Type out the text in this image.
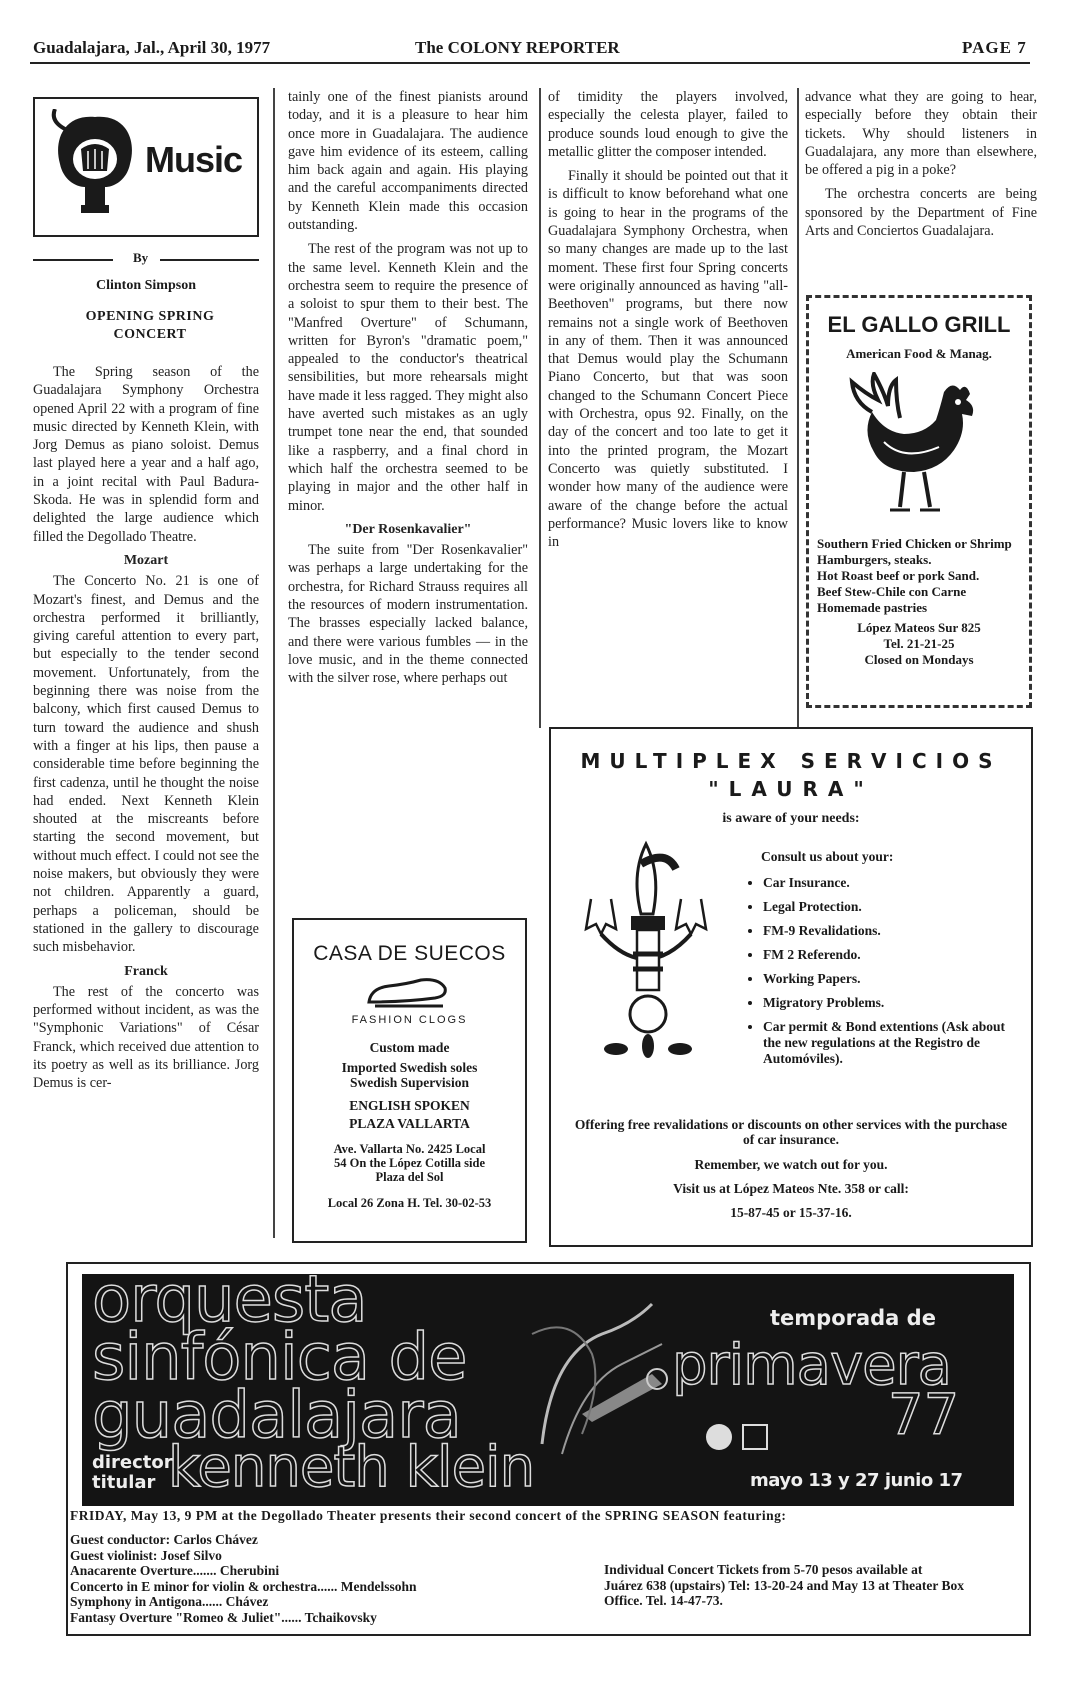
Guadalajara, Jal., April 30, 1977	The COLONY REPORTER	PAGE 7
Music
By
Clinton Simpson
OPENING SPRING CONCERT

The Spring season of the Guadalajara Symphony Orchestra opened April 22 with a program of fine music directed by Kenneth Klein, with Jorg Demus as piano soloist. Demus last played here a year and a half ago, in a joint recital with Paul Badura-Skoda. He was in splendid form and delighted the large audience which filled the Degollado Theatre.

Mozart

The Concerto No. 21 is one of Mozart's finest, and Demus and the orchestra performed it brilliantly, giving careful attention to every part, but especially to the tender second movement. Unfortunately, from the beginning there was noise from the balcony, which first caused Demus to turn toward the audience and shush with a finger at his lips, then pause a considerable time before beginning the first cadenza, until he thought the noise had ended. Next Kenneth Klein shouted at the miscreants before starting the second movement, but without much effect. I could not see the noise makers, but obviously they were not children. Apparently a guard, perhaps a policeman, should be stationed in the gallery to discourage such misbehavior.

Franck

The rest of the concerto was performed without incident, as was the "Symphonic Variations" of César Franck, which received due attention to its poetry as well as its brilliance. Jorg Demus is cer-

tainly one of the finest pianists around today, and it is a pleasure to hear him once more in Guadalajara. The audience gave him evidence of its esteem, calling him back again and again. His playing and the careful accompaniments directed by Kenneth Klein made this occasion outstanding.

The rest of the program was not up to the same level. Kenneth Klein and the orchestra seem to require the presence of a soloist to spur them to their best. The "Manfred Overture" of Schumann, written for Byron's "dramatic poem," appealed to the conductor's theatrical sensibilities, but more rehearsals might have made it less ragged. They might also have averted such mistakes as an ugly trumpet tone near the end, that sounded like a raspberry, and a final chord in which half the orchestra seemed to be playing in major and the other half in minor.

"Der Rosenkavalier"

The suite from "Der Rosenkavalier" was perhaps a large undertaking for the orchestra, for Richard Strauss requires all the resources of modern instrumentation. The brasses especially lacked balance, and there were various fumbles — in the love music, and in the theme connected with the silver rose, where perhaps out

of timidity the players involved, especially the celesta player, failed to produce sounds loud enough to give the metallic glitter the composer intended.

Finally it should be pointed out that it is difficult to know beforehand what one is going to hear in the programs of the Guadalajara Symphony Orchestra, when so many changes are made up to the last moment. These first four Spring concerts were originally announced as having "all-Beethoven" programs, but there now remains not a single work of Beethoven in any of them. Then it was announced that Demus would play the Schumann Piano Concerto, but that was soon changed to the Schumann Concert Piece with Orchestra, opus 92. Finally, on the day of the concert and too late to get it into the printed program, the Mozart Concerto was quietly substituted. I wonder how many of the audience were aware of the change before the actual performance? Music lovers like to know in

advance what they are going to hear, especially before they obtain their tickets. Why should listeners in Guadalajara, any more than elsewhere, be offered a pig in a poke?

The orchestra concerts are being sponsored by the Department of Fine Arts and Conciertos Guadalajara.

EL GALLO GRILL
American Food & Manag.
Southern Fried Chicken or Shrimp
Hamburgers, steaks.
Hot Roast beef or pork Sand.
Beef Stew-Chile con Carne
Homemade pastries
López Mateos Sur 825
Tel. 21-21-25
Closed on Mondays
MULTIPLEX SERVICIOS
"LAURA"
is aware of your needs:
Consult us about your:
• Car Insurance.
• Legal Protection.
• FM-9 Revalidations.
• FM 2 Referendo.
• Working Papers.
• Migratory Problems.
• Car permit & Bond extentions (Ask about the new regulations at the Registro de Automóviles).
Offering free revalidations or discounts on other services with the purchase of car insurance.
Remember, we watch out for you.
Visit us at López Mateos Nte. 358 or call:
15-87-45 or 15-37-16.
CASA DE SUECOS
FASHION CLOGS
Custom made
Imported Swedish soles
Swedish Supervision
ENGLISH SPOKEN
PLAZA VALLARTA
Ave. Vallarta No. 2425 Local
54 On the López Cotilla side
Plaza del Sol
Local 26 Zona H. Tel. 30-02-53
orquesta
sinfónica de
guadalajara
director
titular kenneth klein
temporada de
primavera
77
mayo 13 y 27 junio 17
FRIDAY, May 13, 9 PM at the Degollado Theater presents their second concert of the SPRING SEASON featuring:
Guest conductor: Carlos Chávez
Guest violinist: Josef Silvo
Anacarente Overture....... Cherubini
Concerto in E minor for violin & orchestra...... Mendelssohn
Symphony in Antigona...... Chávez
Fantasy Overture "Romeo & Juliet"...... Tchaikovsky
Individual Concert Tickets from 5-70 pesos available at Juárez 638 (upstairs) Tel: 13-20-24 and May 13 at Theater Box Office. Tel. 14-47-73.
